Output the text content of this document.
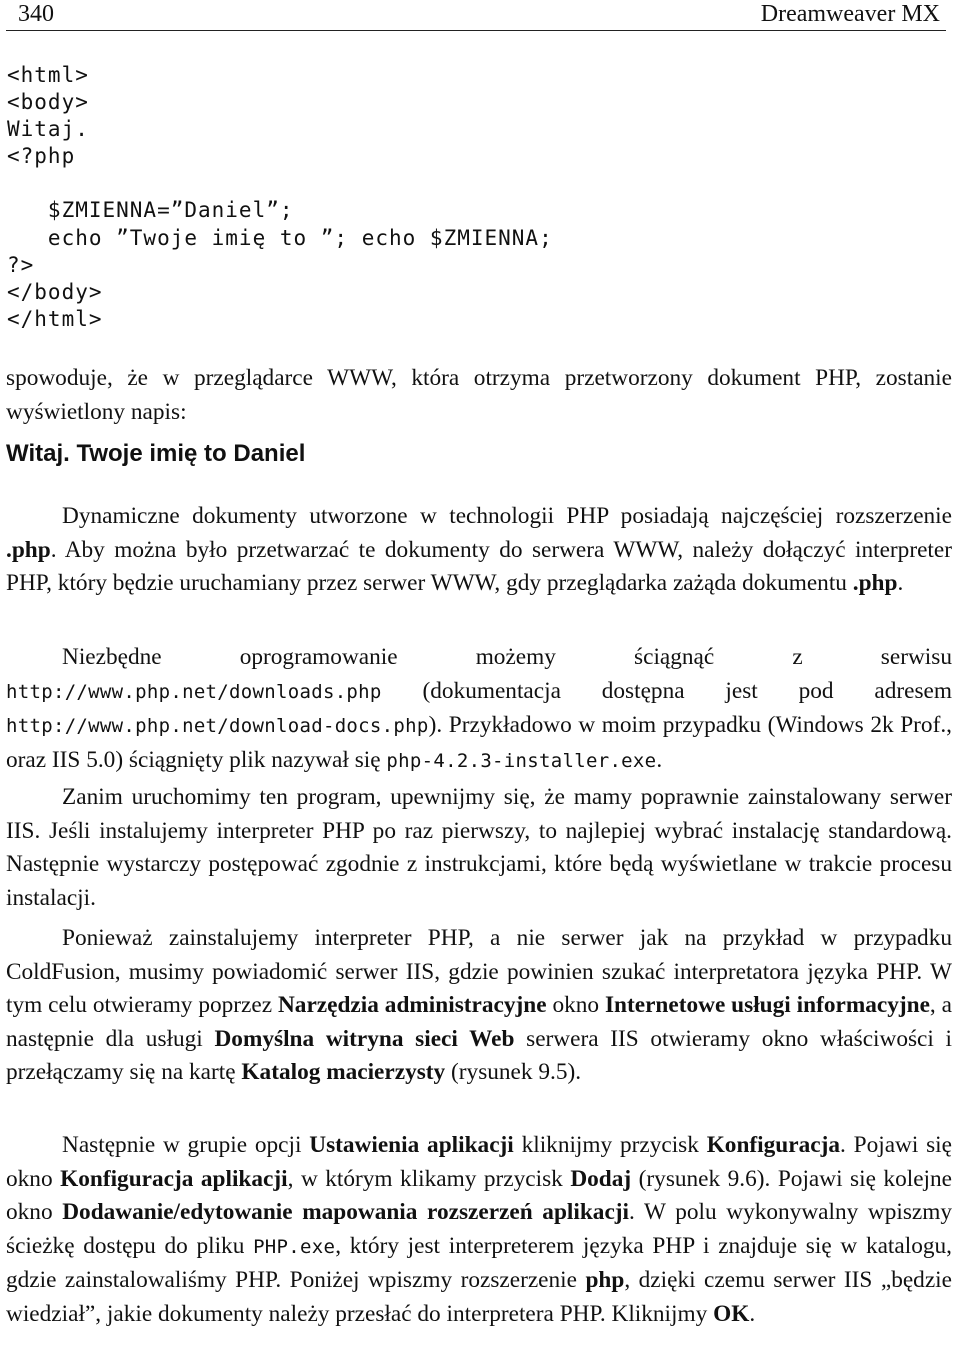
340	Dreamweaver MX
<html>
<body>
Witaj.
<?php

$ZMIENNA=”Daniel”;
echo ”Twoje imię to ”; echo $ZMIENNA;
?>
</body>
</html>

spowoduje, że w przeglądarce WWW, która otrzyma przetworzony dokument PHP, zostanie wyświetlony napis:

Witaj. Twoje imię to Daniel

Dynamiczne dokumenty utworzone w technologii PHP posiadają najczęściej rozszerzenie .php. Aby można było przetwarzać te dokumenty do serwera WWW, należy dołączyć interpreter PHP, który będzie uruchamiany przez serwer WWW, gdy przeglądarka zażąda dokumentu .php.

Niezbędne oprogramowanie możemy ściągnąć z serwisu http://www.php.net/downloads.php (dokumentacja dostępna jest pod adresem http://www.php.net/download-docs.php). Przykładowo w moim przypadku (Windows 2k Prof., oraz IIS 5.0) ściągnięty plik nazywał się php-4.2.3-installer.exe.

Zanim uruchomimy ten program, upewnijmy się, że mamy poprawnie zainstalowany serwer IIS. Jeśli instalujemy interpreter PHP po raz pierwszy, to najlepiej wybrać instalację standardową. Następnie wystarczy postępować zgodnie z instrukcjami, które będą wyświetlane w trakcie procesu instalacji.

Ponieważ zainstalujemy interpreter PHP, a nie serwer jak na przykład w przypadku ColdFusion, musimy powiadomić serwer IIS, gdzie powinien szukać interpretatora języka PHP. W tym celu otwieramy poprzez Narzędzia administracyjne okno Internetowe usługi informacyjne, a następnie dla usługi Domyślna witryna sieci Web serwera IIS otwieramy okno właściwości i przełączamy się na kartę Katalog macierzysty (rysunek 9.5).

Następnie w grupie opcji Ustawienia aplikacji kliknijmy przycisk Konfiguracja. Pojawi się okno Konfiguracja aplikacji, w którym klikamy przycisk Dodaj (rysunek 9.6). Pojawi się kolejne okno Dodawanie/edytowanie mapowania rozszerzeń aplikacji. W polu wykonywalny wpiszmy ścieżkę dostępu do pliku PHP.exe, który jest interpreterem języka PHP i znajduje się w katalogu, gdzie zainstalowaliśmy PHP. Poniżej wpiszmy rozszerzenie php, dzięki czemu serwer IIS „będzie wiedział”, jakie dokumenty należy przesłać do interpretera PHP. Kliknijmy OK.
